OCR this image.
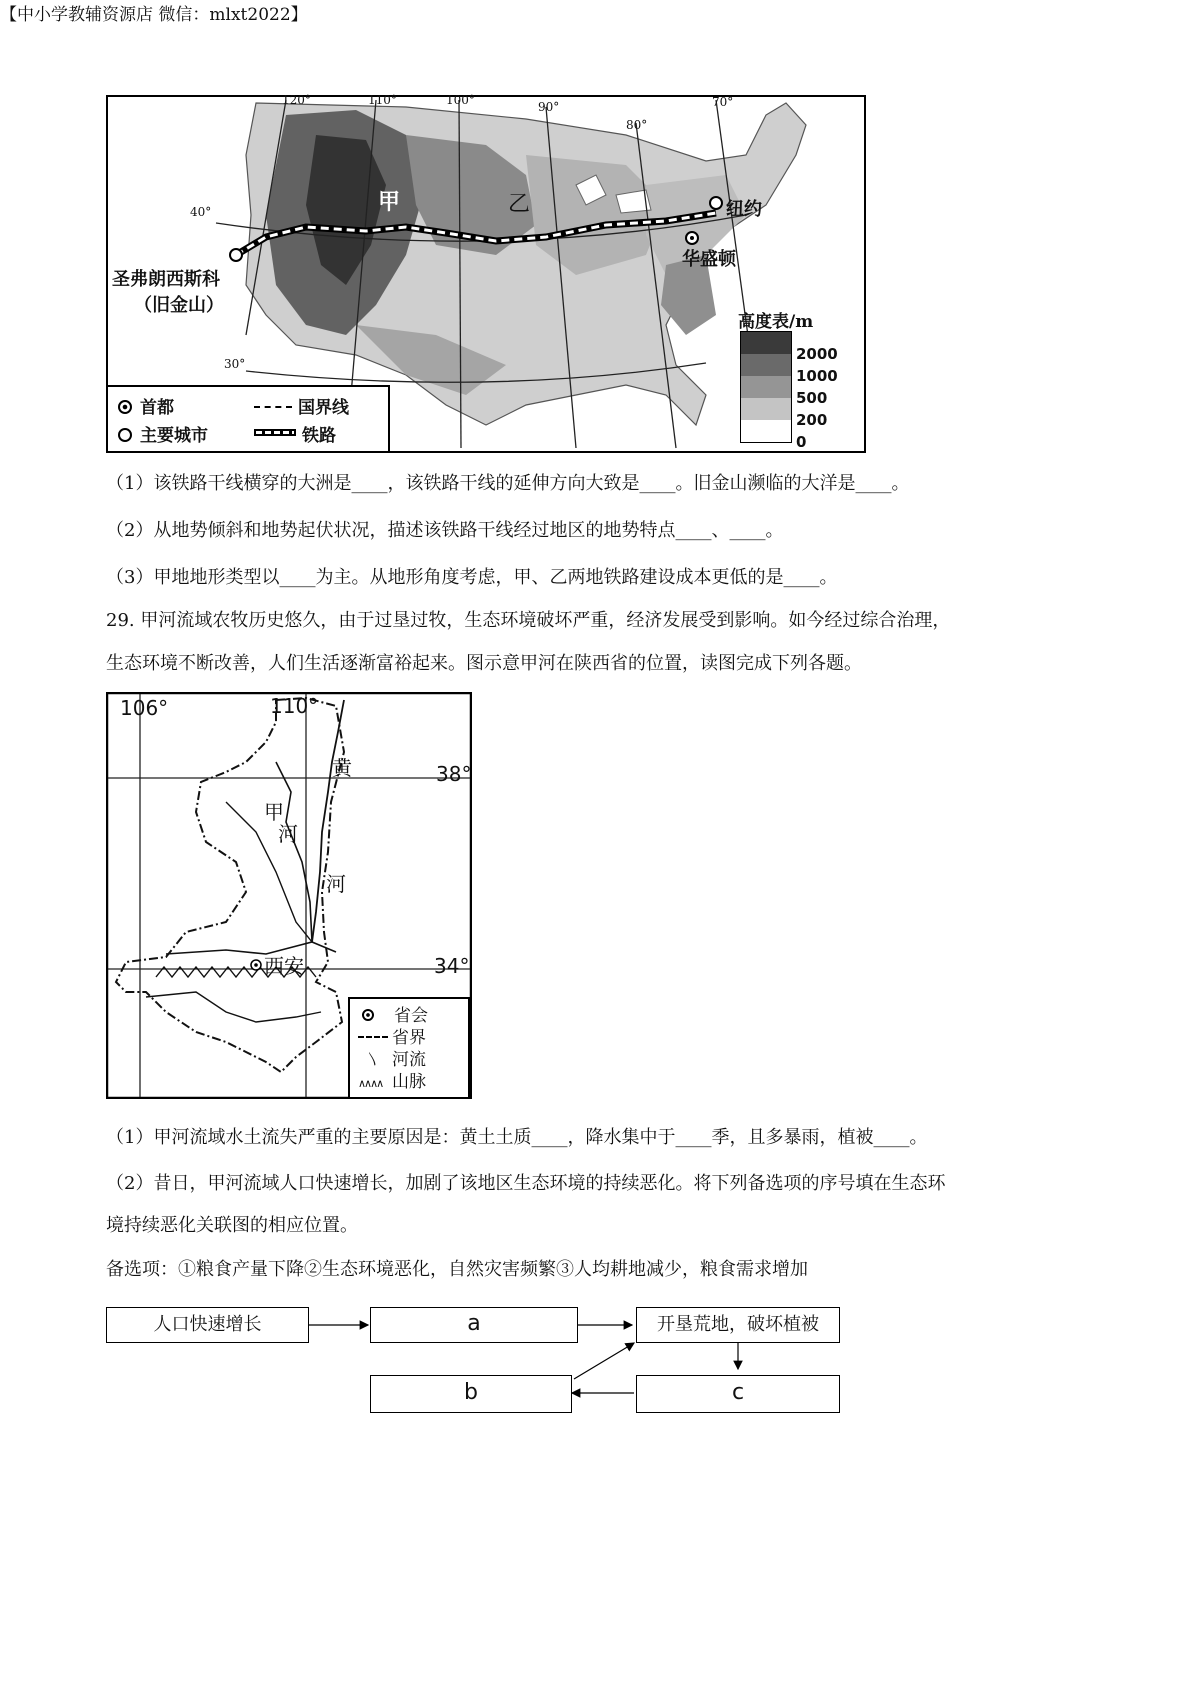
【中小学教辅资源店 微信：mlxt2022】
120°	110°	100°	90°
80°
70°
40°
30°
甲	乙	纽约
华盛顿
圣弗朗西斯科
（旧金山）
高度表/m
2000
1000
500
200
0
首都
主要城市
国界线
铁路
（1）该铁路干线横穿的大洲是____，该铁路干线的延伸方向大致是____。旧金山濒临的大洋是____。
（2）从地势倾斜和地势起伏状况，描述该铁路干线经过地区的地势特点____、____。
（3）甲地地形类型以____为主。从地形角度考虑，甲、乙两地铁路建设成本更低的是____。
29. 甲河流域农牧历史悠久，由于过垦过牧，生态环境破坏严重，经济发展受到影响。如今经过综合治理，
生态环境不断改善，人们生活逐渐富裕起来。图示意甲河在陕西省的位置，读图完成下列各题。
106°	110°
38°
34°
甲
河
黄
河
西安
省会
省界
〵 河流
∧∧∧∧ 山脉
（1）甲河流域水土流失严重的主要原因是：黄土土质____，降水集中于____季，且多暴雨，植被____。
（2）昔日，甲河流域人口快速增长，加剧了该地区生态环境的持续恶化。将下列备选项的序号填在生态环
境持续恶化关联图的相应位置。
备选项：①粮食产量下降②生态环境恶化，自然灾害频繁③人均耕地减少，粮食需求增加
人口快速增长	a	开垦荒地，破坏植被
b	c
